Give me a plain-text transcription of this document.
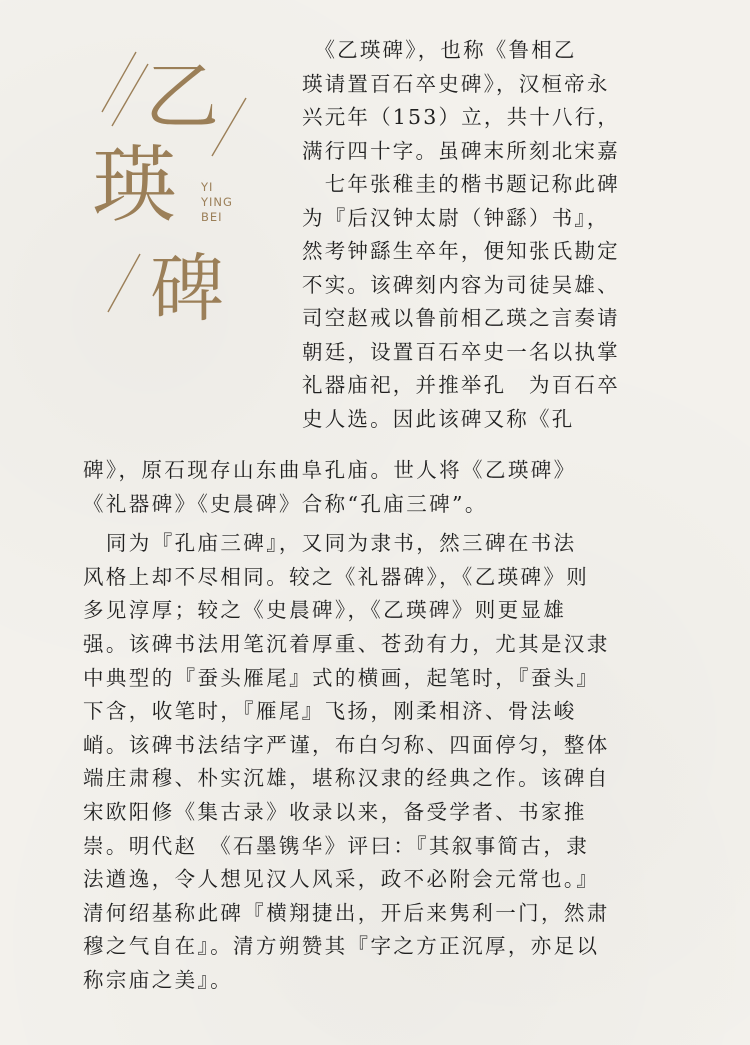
乙
瑛
碑
YI
YING
BEI
　《乙瑛碑》，也称《鲁相乙
瑛请置百石卒史碑》，汉桓帝永
兴元年（153）立，共十八行，
满行四十字。虽碑末所刻北宋嘉
　七年张稚圭的楷书题记称此碑
为『后汉钟太尉（钟繇）书』，
然考钟繇生卒年，便知张氏勘定
不实。该碑刻内容为司徒吴雄、
司空赵戒以鲁前相乙瑛之言奏请
朝廷，设置百石卒史一名以执掌
礼器庙祀，并推举孔　为百石卒
史人选。因此该碑又称《孔
碑》，原石现存山东曲阜孔庙。世人将《乙瑛碑》
《礼器碑》《史晨碑》合称“孔庙三碑”。
　同为『孔庙三碑』，又同为隶书，然三碑在书法
风格上却不尽相同。较之《礼器碑》，《乙瑛碑》则
多见淳厚；较之《史晨碑》，《乙瑛碑》则更显雄
强。该碑书法用笔沉着厚重、苍劲有力，尤其是汉隶
中典型的『蚕头雁尾』式的横画，起笔时，『蚕头』
下含，收笔时，『雁尾』飞扬，刚柔相济、骨法峻
峭。该碑书法结字严谨，布白匀称、四面停匀，整体
端庄肃穆、朴实沉雄，堪称汉隶的经典之作。该碑自
宋欧阳修《集古录》收录以来，备受学者、书家推
崇。明代赵　《石墨镌华》评曰：『其叙事简古，隶
法遒逸，令人想见汉人风采，政不必附会元常也。』
清何绍基称此碑『横翔捷出，开后来隽利一门，然肃
穆之气自在』。清方朔赞其『字之方正沉厚，亦足以
称宗庙之美』。
